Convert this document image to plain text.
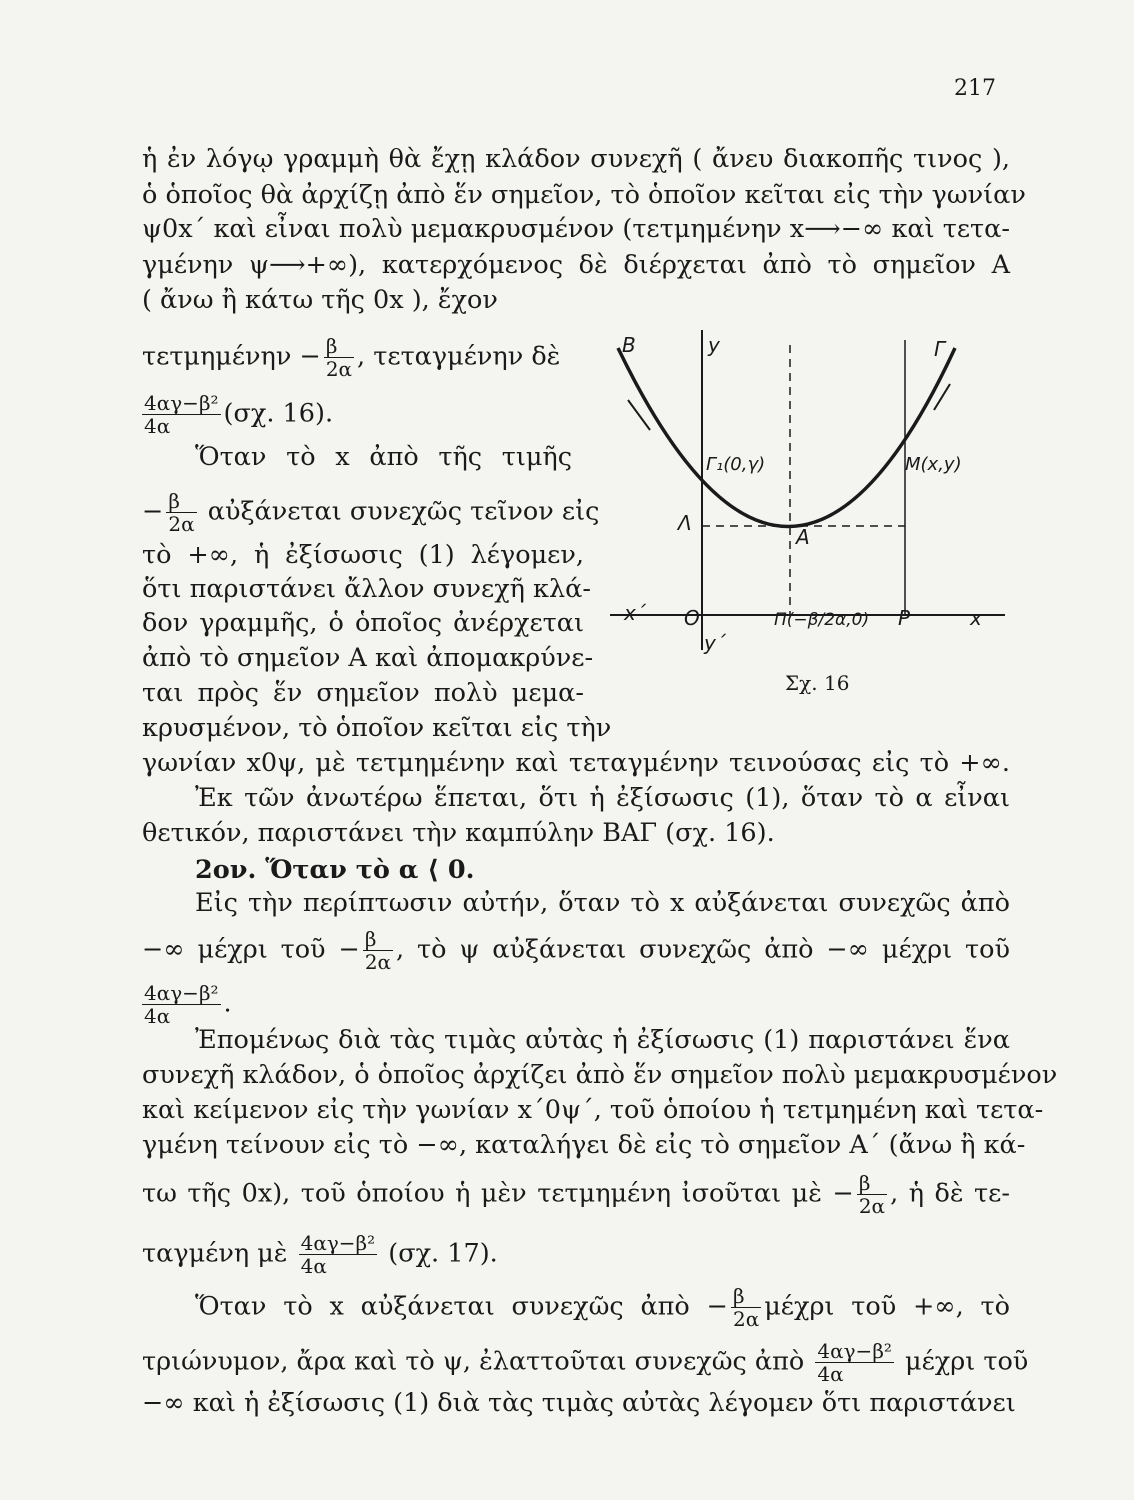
217
ἡ ἐν λόγῳ γραμμὴ θὰ ἔχῃ κλάδον συνεχῆ ( ἄνευ διακοπῆς τινος ),
ὁ ὁποῖος θὰ ἀρχίζῃ ἀπὸ ἕν σημεῖον, τὸ ὁποῖον κεῖται εἰς τὴν γωνίαν
ψ0x΄ καὶ εἶναι πολὺ μεμακρυσμένον (τετμημένην x⟶−∞ καὶ τετα-
γμένην ψ⟶+∞), κατερχόμενος δὲ διέρχεται ἀπὸ τὸ σημεῖον Α
( ἄνω ἢ κάτω τῆς 0x ), ἔχον
$\tau\varepsilon\tau\mu\eta\mu έ\nu\eta\nu - \frac{\beta}{2\alpha}$ , τεταγμένην δὲ
$\frac{\text{4αγ−β²}}{4\alpha} (\sigma\chi$. 16).
Ὅταν τὸ x ἀπὸ τῆς τιμῆς
− $\frac{\beta}{2\alpha}$ αὐξάνεται συνεχῶς τεῖνον εἰς
τὸ +∞, ἡ ἐξίσωσις (1) λέγομεν,
ὅτι παριστάνει ἄλλον συνεχῆ κλά-
δον γραμμῆς, ὁ ὁποῖος ἀνέρχεται
ἀπὸ τὸ σημεῖον Α καὶ ἀπομακρύνε-
ται πρὸς ἕν σημεῖον πολὺ μεμα-
κρυσμένον, τὸ ὁποῖον κεῖται εἰς τὴν
γωνίαν x0ψ, μὲ τετμημένην καὶ τεταγμένην τεινούσας εἰς τὸ +∞.
Ἐκ τῶν ἀνωτέρω ἕπεται, ὅτι ἡ ἐξίσωσις (1), ὅταν τὸ α εἶναι
θετικόν, παριστάνει τὴν καμπύλην ΒΑΓ (σχ. 16).
2ον. Ὅταν τὸ α ⟨ 0.
Εἰς τὴν περίπτωσιν αὐτήν, ὅταν τὸ x αὐξάνεται συνεχῶς ἀπὸ
−∞ μέχρι τοῦ − $\frac{\beta}{2\alpha}$ , τὸ ψ αὐξάνεται συνεχῶς ἀπὸ −∞ μέχρι τοῦ
$\frac{\text{4αγ−β²}}{4\alpha}$ .
Ἐπομένως διὰ τὰς τιμὰς αὐτὰς ἡ ἐξίσωσις (1) παριστάνει ἕνα
συνεχῆ κλάδον, ὁ ὁποῖος ἀρχίζει ἀπὸ ἕν σημεῖον πολὺ μεμακρυσμένον
καὶ κείμενον εἰς τὴν γωνίαν x΄0ψ΄, τοῦ ὁποίου ἡ τετμημένη καὶ τετα-
γμένη τείνουν εἰς τὸ −∞, καταλήγει δὲ εἰς τὸ σημεῖον Α΄ (ἄνω ἢ κά-
τω τῆς 0x), τοῦ ὁποίου ἡ μὲν τετμημένη ἰσοῦται μὲ − $\frac{\beta}{2\alpha}$ , ἡ δὲ τε-
ταγμένη μὲ $\frac{\text{4αγ−β²}}{4\alpha} (\sigma\chi$. 17).
Ὅταν τὸ x αὐξάνεται συνεχῶς ἀπὸ − $\frac{\beta}{2\alpha}$ μέχρι τοῦ +∞, τὸ
τριώνυμον, ἄρα καὶ τὸ ψ, ἐλαττοῦται συνεχῶς ἀπὸ $\frac{\text{4αγ−β²}}{4\alpha}$ μέχρι τοῦ
−∞ καὶ ἡ ἐξίσωσις (1) διὰ τὰς τιμὰς αὐτὰς λέγομεν ὅτι παριστάνει
B	y	Γ
Γ₁(0,γ)	M(x,y)
Λ
A
x΄ O	Π(−β/2α,0) P	x
y΄
Σχ. 16
